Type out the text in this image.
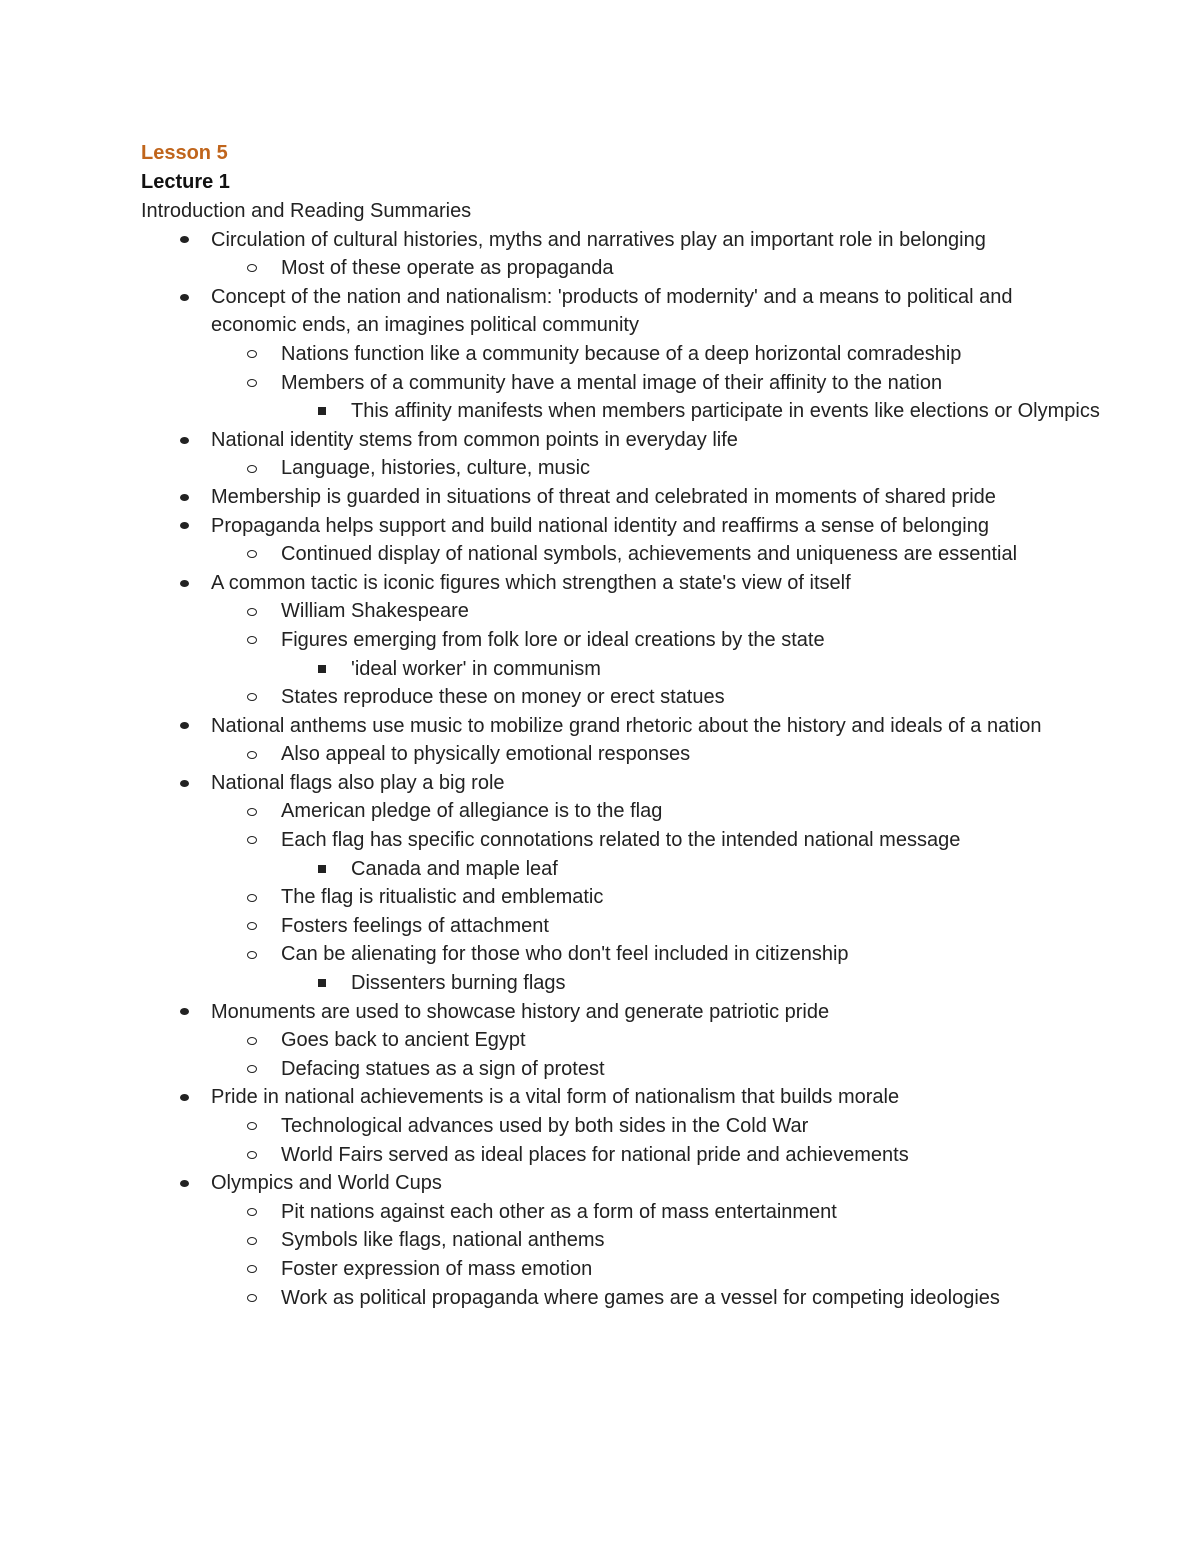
Lesson 5
Lecture 1
Introduction and Reading Summaries
Circulation of cultural histories, myths and narratives play an important role in belonging
Most of these operate as propaganda
Concept of the nation and nationalism: 'products of modernity' and a means to political and economic ends, an imagines political community
Nations function like a community because of a deep horizontal comradeship
Members of a community have a mental image of their affinity to the nation
This affinity manifests when members participate in events like elections or Olympics
National identity stems from common points in everyday life
Language, histories, culture, music
Membership is guarded in situations of threat and celebrated in moments of shared pride
Propaganda helps support and build national identity and reaffirms a sense of belonging
Continued display of national symbols, achievements and uniqueness are essential
A common tactic is iconic figures which strengthen a state's view of itself
William Shakespeare
Figures emerging from folk lore or ideal creations by the state
'ideal worker' in communism
States reproduce these on money or erect statues
National anthems use music to mobilize grand rhetoric about the history and ideals of a nation
Also appeal to physically emotional responses
National flags also play a big role
American pledge of allegiance is to the flag
Each flag has specific connotations related to the intended national message
Canada and maple leaf
The flag is ritualistic and emblematic
Fosters feelings of attachment
Can be alienating for those who don't feel included in citizenship
Dissenters burning flags
Monuments are used to showcase history and generate patriotic pride
Goes back to ancient Egypt
Defacing statues as a sign of protest
Pride in national achievements is a vital form of nationalism that builds morale
Technological advances used by both sides in the Cold War
World Fairs served as ideal places for national pride and achievements
Olympics and World Cups
Pit nations against each other as a form of mass entertainment
Symbols like flags, national anthems
Foster expression of mass emotion
Work as political propaganda where games are a vessel for competing ideologies
